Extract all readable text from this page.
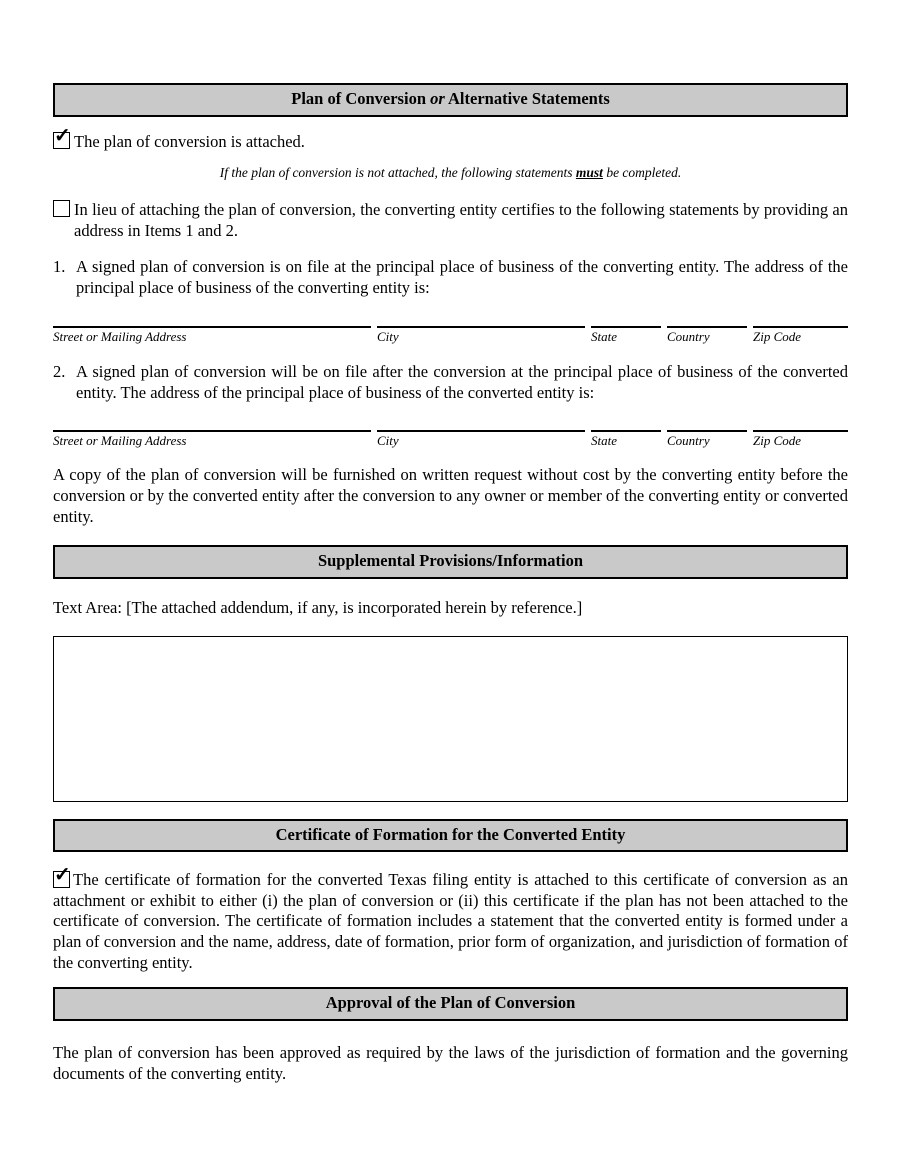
Plan of Conversion or Alternative Statements
✓ The plan of conversion is attached.
If the plan of conversion is not attached, the following statements must be completed.
In lieu of attaching the plan of conversion, the converting entity certifies to the following statements by providing an address in Items 1 and 2.
1. A signed plan of conversion is on file at the principal place of business of the converting entity. The address of the principal place of business of the converting entity is:
Street or Mailing Address	City	State	Country	Zip Code
2. A signed plan of conversion will be on file after the conversion at the principal place of business of the converted entity. The address of the principal place of business of the converted entity is:
Street or Mailing Address	City	State	Country	Zip Code

A copy of the plan of conversion will be furnished on written request without cost by the converting entity before the conversion or by the converted entity after the conversion to any owner or member of the converting entity or converted entity.

Supplemental Provisions/Information
Text Area: [The attached addendum, if any, is incorporated herein by reference.]
Certificate of Formation for the Converted Entity

✓ The certificate of formation for the converted Texas filing entity is attached to this certificate of conversion as an attachment or exhibit to either (i) the plan of conversion or (ii) this certificate if the plan has not been attached to the certificate of conversion. The certificate of formation includes a statement that the converted entity is formed under a plan of conversion and the name, address, date of formation, prior form of organization, and jurisdiction of formation of the converting entity.

Approval of the Plan of Conversion

The plan of conversion has been approved as required by the laws of the jurisdiction of formation and the governing documents of the converting entity.
